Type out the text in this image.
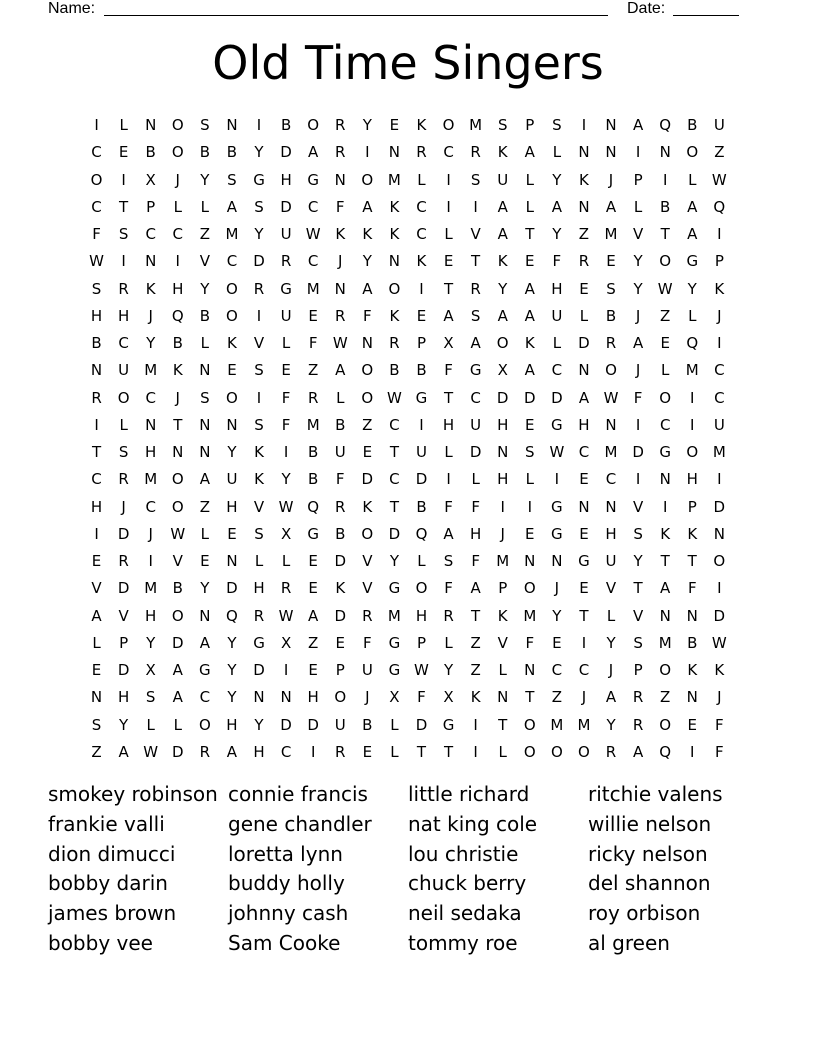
Name:	Date:
Old Time Singers
I L N O S N I B O R Y E K O M S P S I N A Q B U
C E B O B B Y D A R I N R C R K A L N N I N O Z
O I X J Y S G H G N O M L I S U L Y K J P I L W
C T P L L A S D C F A K C I I A L A N A L B A Q
F S C C Z M Y U W K K K C L V A T Y Z M V T A I
W I N I V C D R C J Y N K E T K E F R E Y O G P
S R K H Y O R G M N A O I T R Y A H E S Y W Y K
H H J Q B O I U E R F K E A S A A U L B J Z L J
B C Y B L K V L F W N R P X A O K L D R A E Q I
N U M K N E S E Z A O B B F G X A C N O J L M C
R O C J S O I F R L O W G T C D D D A W F O I C
I L N T N N S F M B Z C I H U H E G H N I C I U
T S H N N Y K I B U E T U L D N S W C M D G O M
C R M O A U K Y B F D C D I L H L I E C I N H I
H J C O Z H V W Q R K T B F F I I G N N V I P D
I D J W L E S X G B O D Q A H J E G E H S K K N
E R I V E N L L E D V Y L S F M N N G U Y T T O
V D M B Y D H R E K V G O F A P O J E V T A F I
A V H O N Q R W A D R M H R T K M Y T L V N N D
L P Y D A Y G X Z E F G P L Z V F E I Y S M B W
E D X A G Y D I E P U G W Y Z L N C C J P O K K
N H S A C Y N N H O J X F X K N T Z J A R Z N J
S Y L L O H Y D D U B L D G I T O M M Y R O E F
Z A W D R A H C I R E L T T I L O O O R A Q I F
smokey robinson
frankie valli
dion dimucci
bobby darin
james brown
bobby vee
connie francis
gene chandler
loretta lynn
buddy holly
johnny cash
Sam Cooke
little richard
nat king cole
lou christie
chuck berry
neil sedaka
tommy roe
ritchie valens
willie nelson
ricky nelson
del shannon
roy orbison
al green
